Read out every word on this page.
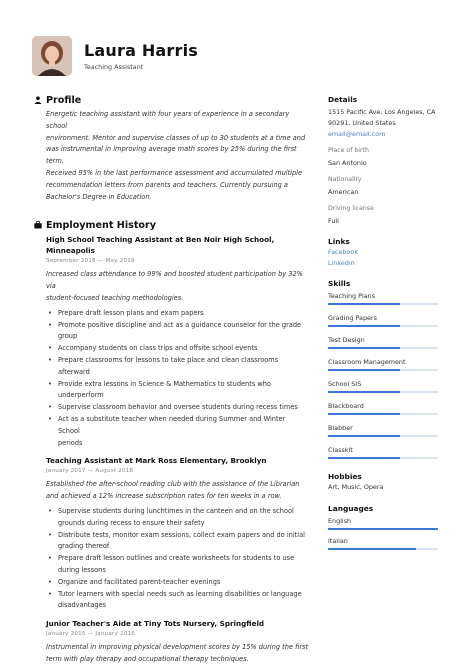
Laura Harris
Teaching Assistant
Profile
Energetic teaching assistant with four years of experience in a secondary school
environment. Mentor and supervise classes of up to 30 students at a time and
was instrumental in improving average math scores by 25% during the first term.
Received 95% in the last performance assessment and accumulated multiple
recommendation letters from parents and teachers. Currently pursuing a
Bachelor's Degree in Education.
Employment History
High School Teaching Assistant at Ben Noir High School, Minneapolis
September 2018 — May 2019
Increased class attendance to 99% and boosted student participation by 32% via
student-focused teaching methodologies.
• Prepare draft lesson plans and exam papers
• Promote positive discipline and act as a guidance counselor for the grade
group
• Accompany students on class trips and offsite school events
• Prepare classrooms for lessons to take place and clean classrooms
afterward
• Provide extra lessons in Science & Mathematics to students who
underperform
• Supervise classroom behavior and oversee students during recess times
• Act as a substitute teacher when needed during Summer and Winter School
periods
Teaching Assistant at Mark Ross Elementary, Brooklyn
January 2017 — August 2018
Established the after-school reading club with the assistance of the Librarian
and achieved a 12% increase subscription rates for ten weeks in a row.
• Supervise students during lunchtimes in the canteen and on the school
grounds during recess to ensure their safety
• Distribute tests, monitor exam sessions, collect exam papers and do initial
grading thereof
• Prepare draft lesson outlines and create worksheets for students to use
during lessons
• Organize and facilitated parent-teacher evenings
• Tutor learners with special needs such as learning disabilities or language
disadvantages
Junior Teacher's Aide at Tiny Tots Nursery, Springfield
January 2015 — January 2016
Instrumental in improving physical development scores by 15% during the first
term with play therapy and occupational therapy techniques.
Details
1515 Pacific Ave, Los Angeles, CA
90291, United States
email@email.com
Place of birth
San Antonio
Nationality
American
Driving license
Full
Links
Facebook
Linkedin
Skills
Teaching Plans
Grading Papers
Test Design
Classroom Management
School SIS
Blackboard
Blabber
Classkit
Hobbies
Art, Music, Opera
Languages
English
Italian
